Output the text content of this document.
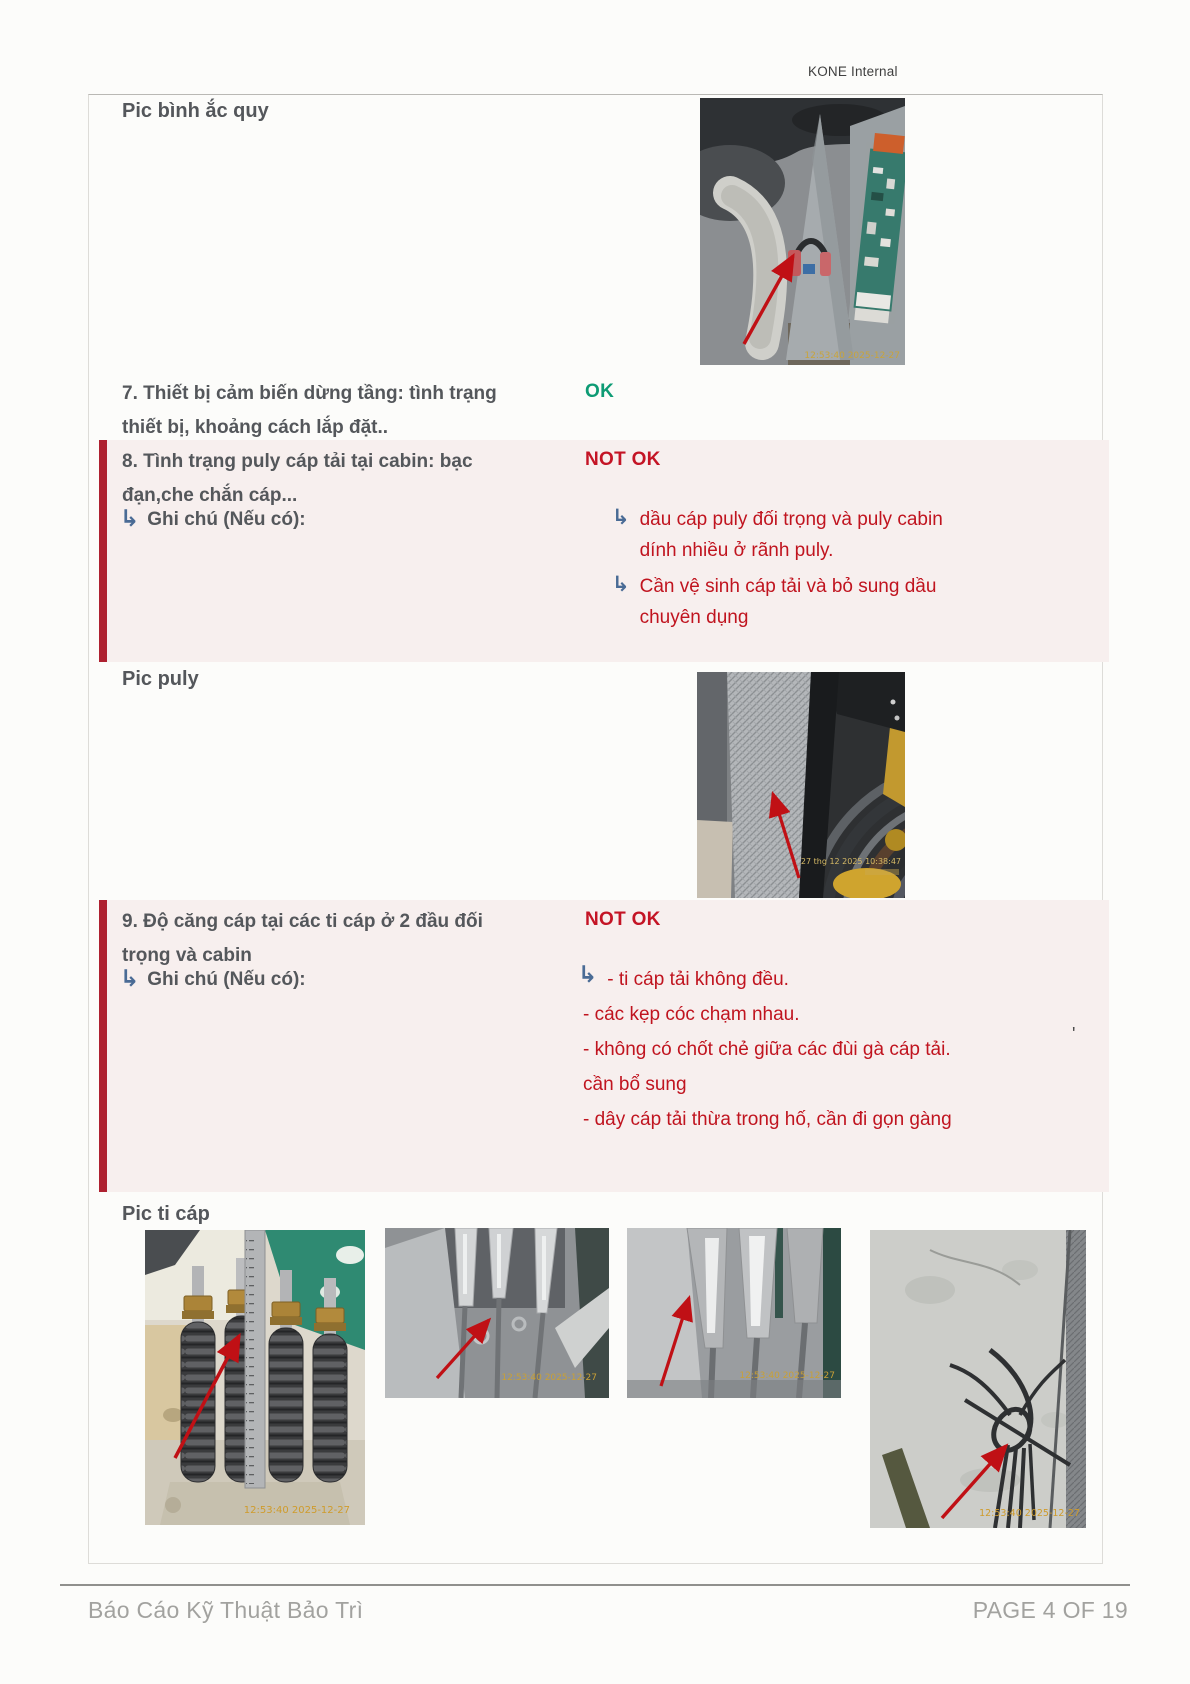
KONE Internal
Pic bình ắc quy
12:53:40 2025-12-27
7. Thiết bị cảm biến dừng tầng: tình trạng
thiết bị, khoảng cách lắp đặt..
OK
8. Tình trạng puly cáp tải tại cabin: bạc
đạn,che chắn cáp...
NOT OK
↳ Ghi chú (Nếu có):	↳ dầu cáp puly đối trọng và puly cabin
dính nhiều ở rãnh puly.
↳ Cần vệ sinh cáp tải và bỏ sung dầu
chuyên dụng
Pic puly
27 thg 12 2025 10:38:47
9. Độ căng cáp tại các ti cáp ở 2 đầu đối
trọng và cabin
NOT OK
↳ Ghi chú (Nếu có):	↳ - ti cáp tải không đều.
- các kẹp cóc chạm nhau.
- không có chốt chẻ giữa các đùi gà cáp tải.
cần bổ sung
- dây cáp tải thừa trong hố, cần đi gọn gàng
Pic ti cáp
12:53:40 2025-12-27
12:53:40 2025-12-27	12:53:40 2025-12-27
12:53:40 2025-12-27
'
Báo Cáo Kỹ Thuật Bảo Trì	PAGE 4 OF 19
